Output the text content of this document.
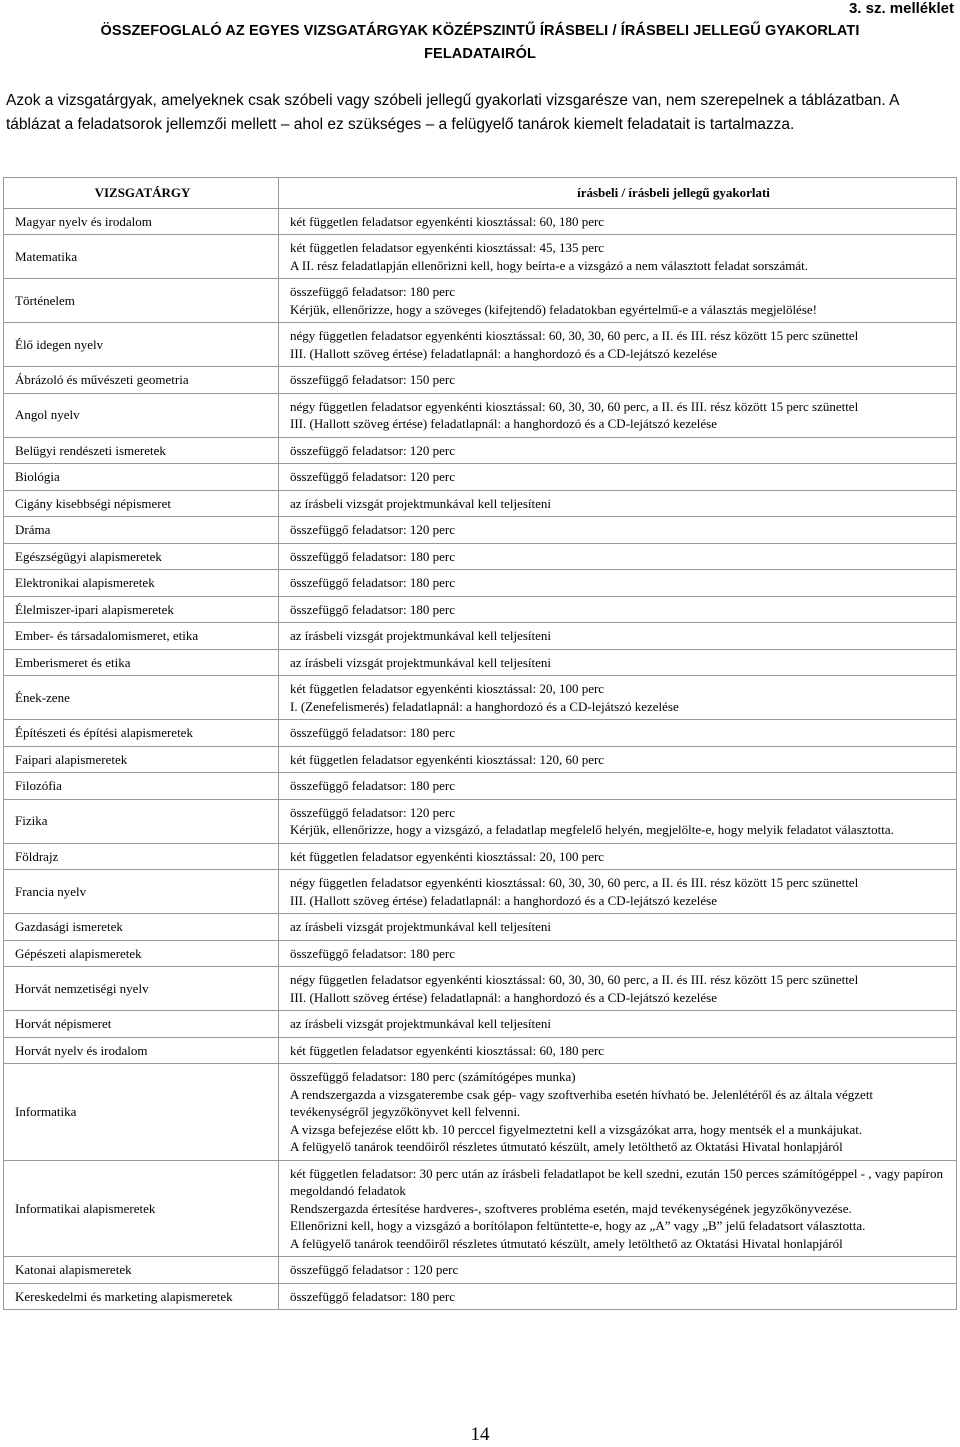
3. sz. melléklet
ÖSSZEFOGLALÓ AZ EGYES VIZSGATÁRGYAK KÖZÉPSZINTŰ ÍRÁSBELI / ÍRÁSBELI JELLEGŰ GYAKORLATI
FELADATAIRÓL
Azok a vizsgatárgyak, amelyeknek csak szóbeli vagy szóbeli jellegű gyakorlati vizsgarésze van, nem szerepelnek a táblázatban. A táblázat a feladatsorok jellemzői mellett – ahol ez szükséges – a felügyelő tanárok kiemelt feladatait is tartalmazza.
VIZSGATÁRGY	írásbeli / írásbeli jellegű gyakorlati
Magyar nyelv és irodalom	két független feladatsor egyenkénti kiosztással: 60, 180 perc

Matematika	két független feladatsor egyenkénti kiosztással: 45, 135 perc
A II. rész feladatlapján ellenőrizni kell, hogy beírta-e a vizsgázó a nem választott feladat sorszámát.

Történelem	összefüggő feladatsor: 180 perc
Kérjük, ellenőrizze, hogy a szöveges (kifejtendő) feladatokban egyértelmű-e a választás megjelölése!

Élő idegen nyelv	négy független feladatsor egyenkénti kiosztással: 60, 30, 30, 60 perc, a II. és III. rész között 15 perc szünettel
III. (Hallott szöveg értése) feladatlapnál: a hanghordozó és a CD-lejátszó kezelése

Ábrázoló és művészeti geometria	összefüggő feladatsor: 150 perc

Angol nyelv	négy független feladatsor egyenkénti kiosztással: 60, 30, 30, 60 perc, a II. és III. rész között 15 perc szünettel
III. (Hallott szöveg értése) feladatlapnál: a hanghordozó és a CD-lejátszó kezelése

Belügyi rendészeti ismeretek	összefüggő feladatsor: 120 perc

Biológia	összefüggő feladatsor: 120 perc

Cigány kisebbségi népismeret	az írásbeli vizsgát projektmunkával kell teljesíteni

Dráma	összefüggő feladatsor: 120 perc

Egészségügyi alapismeretek	összefüggő feladatsor: 180 perc

Elektronikai alapismeretek	összefüggő feladatsor: 180 perc

Élelmiszer-ipari alapismeretek	összefüggő feladatsor: 180 perc

Ember- és társadalomismeret, etika	az írásbeli vizsgát projektmunkával kell teljesíteni

Emberismeret és etika	az írásbeli vizsgát projektmunkával kell teljesíteni

Ének-zene	két független feladatsor egyenkénti kiosztással: 20, 100 perc
I. (Zenefelismerés) feladatlapnál: a hanghordozó és a CD-lejátszó kezelése

Építészeti és építési alapismeretek	összefüggő feladatsor: 180 perc

Faipari alapismeretek	két független feladatsor egyenkénti kiosztással: 120, 60 perc

Filozófia	összefüggő feladatsor: 180 perc

Fizika	összefüggő feladatsor: 120 perc
Kérjük, ellenőrizze, hogy a vizsgázó, a feladatlap megfelelő helyén, megjelölte-e, hogy melyik feladatot választotta.

Földrajz	két független feladatsor egyenkénti kiosztással: 20, 100 perc

Francia nyelv	négy független feladatsor egyenkénti kiosztással: 60, 30, 30, 60 perc, a II. és III. rész között 15 perc szünettel
III. (Hallott szöveg értése) feladatlapnál: a hanghordozó és a CD-lejátszó kezelése

Gazdasági ismeretek	az írásbeli vizsgát projektmunkával kell teljesíteni

Gépészeti alapismeretek	összefüggő feladatsor: 180 perc

Horvát nemzetiségi nyelv	négy független feladatsor egyenkénti kiosztással: 60, 30, 30, 60 perc, a II. és III. rész között 15 perc szünettel
III. (Hallott szöveg értése) feladatlapnál: a hanghordozó és a CD-lejátszó kezelése

Horvát népismeret	az írásbeli vizsgát projektmunkával kell teljesíteni

Horvát nyelv és irodalom	két független feladatsor egyenkénti kiosztással: 60, 180 perc

Informatika	összefüggő feladatsor: 180 perc (számítógépes munka)
A rendszergazda a vizsgaterembe csak gép- vagy szoftverhiba esetén hívható be. Jelenlétéről és az általa végzett tevékenységről jegyzőkönyvet kell felvenni.
A vizsga befejezése előtt kb. 10 perccel figyelmeztetni kell a vizsgázókat arra, hogy mentsék el a munkájukat.
A felügyelő tanárok teendőiről részletes útmutató készült, amely letölthető az Oktatási Hivatal honlapjáról

Informatikai alapismeretek	két független feladatsor: 30 perc után az írásbeli feladatlapot be kell szedni, ezután 150 perces számítógéppel - , vagy papíron megoldandó feladatok
Rendszergazda értesítése hardveres-, szoftveres probléma esetén, majd tevékenységének jegyzőkönyvezése.
Ellenőrizni kell, hogy a vizsgázó a borítólapon feltüntette-e, hogy az „A” vagy „B” jelű feladatsort választotta.
A felügyelő tanárok teendőiről részletes útmutató készült, amely letölthető az Oktatási Hivatal honlapjáról

Katonai alapismeretek	összefüggő feladatsor : 120 perc

Kereskedelmi és marketing alapismeretek	összefüggő feladatsor: 180 perc
14
